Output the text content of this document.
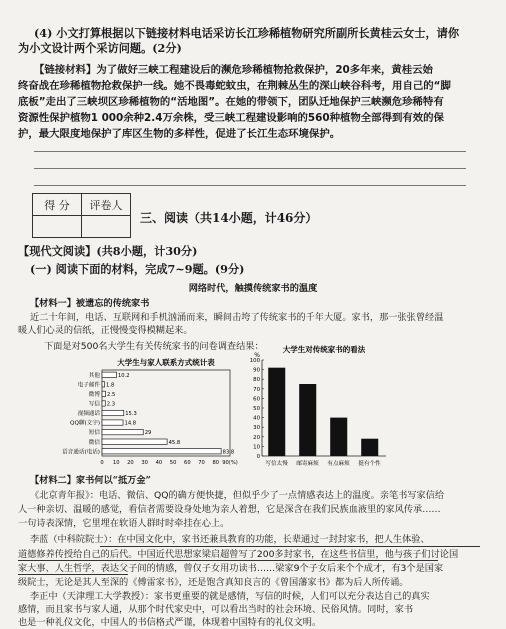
(4) 小文打算根据以下链接材料电话采访长江珍稀植物研究所副所长黄桂云女士，请你
为小文设计两个采访问题。(2分)
【链接材料】为了做好三峡工程建设后的濒危珍稀植物抢救保护，20多年来，黄桂云始
终奋战在珍稀植物抢救保护一线。她不畏毒蛇蚊虫，在荆棘丛生的深山峡谷科考，用自己的“脚
底板”走出了三峡坝区珍稀植物的“活地图”。在她的带领下，团队迁地保护三峡濒危珍稀特有
资源性保护植物1 000余种2.4万余株，受三峡工程建设影响的560种植物全部得到有效的保
护，最大限度地保护了库区生物的多样性，促进了长江生态环境保护。
得 分	评卷人

三、阅读（共14小题，计46分）
【现代文阅读】(共8小题，计30分)
(一) 阅读下面的材料，完成7~9题。(9分)
网络时代，触摸传统家书的温度
【材料一】被遗忘的传统家书
近二十年间，电话、互联网和手机汹涌而来，瞬间击垮了传统家书的千年大厦。家书，那一张张曾经温
暖人们心灵的信纸，正慢慢变得模糊起来。
下面是对500名大学生有关传统家书的问卷调查结果：
大学生与家人联系方式统计表
其他	10.2
电子邮件 1.8
微博 2.5
写信 2.3
视频通话	15.3
QQ聊(文字)	14.8
短信	29
微信	45.8
语音通话(电话)	83.8
0 10 20 30 40 50 60 70 80 90(%)
大学生对传统家书的看法
%
0
10
20
30
40
50
60
70
80
90
100
写信太慢 邮寄麻烦 有点麻烦 挺有个性
【材料二】家书何以“抵万金”
《北京青年报》：电话、微信、QQ的确方便快捷，但似乎少了一点情感表达上的温度。亲笔书写家信给
人一种亲切、温暖的感觉，看信者需要设身处地为亲人着想，它是深含在我们民族血液里的家风传承……
一句诗表深情，它里埋在软语人群时时牵挂在心上。
李蓝（中科院院士）：在中国文化中，家书还兼具教育的功能，长辈通过一封封家书，把人生体验、
道德修养传授给自己的后代。中国近代思想家梁启超曾写了200多封家书，在这些书信里，他与孩子们讨论国
家大事、人生哲学，表达父子间的情感，曾仅子女用功读书……梁家9个子女后来个个成才，有3个是国家
级院士，无论是其人至深的《傅雷家书》，还是饱含真知良言的《曾国藩家书》都为后人所传诵。
李正中（天津理工大学教授）：家书更重要的就是感情，写信的时候，人们可以充分表达自己的真实
感情，而且家书与家人通，从那个时代家史中，可以看出当时的社会环境、民俗风情。同时，家书
也是一种礼仪文化，中国人的书信格式严谨，体现着中国特有的礼仪文明。
